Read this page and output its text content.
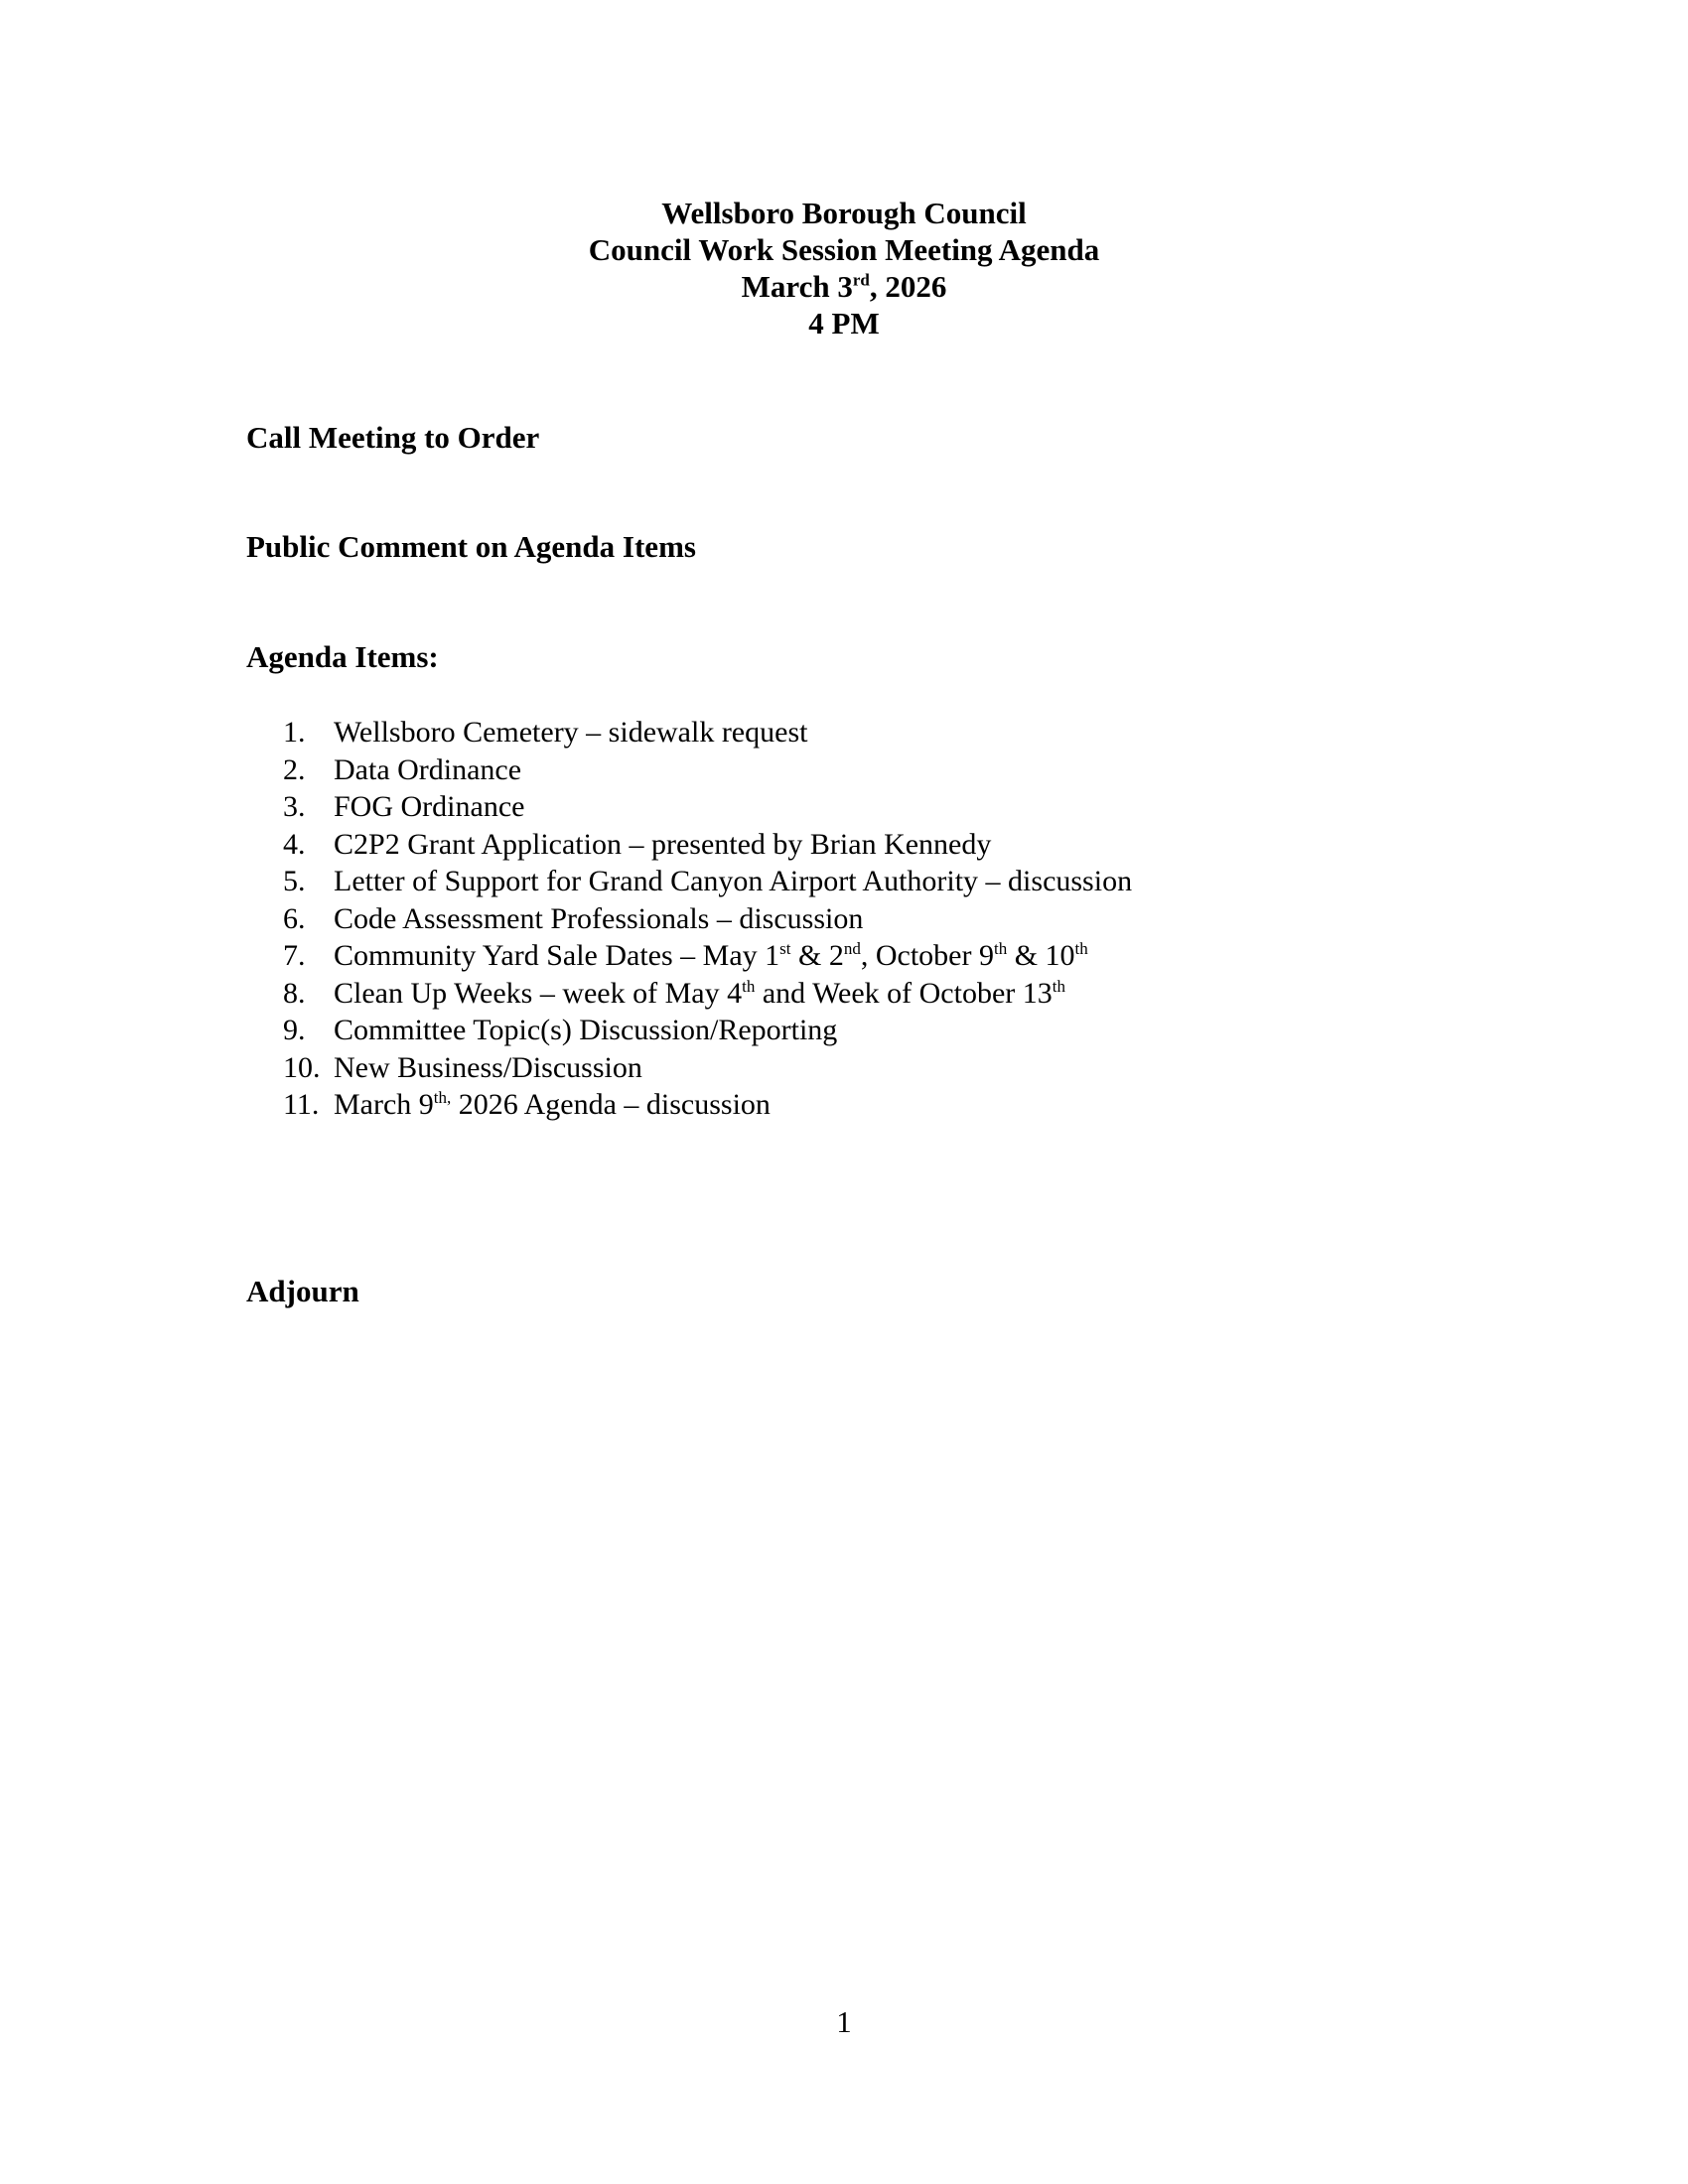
Wellsboro Borough Council
Council Work Session Meeting Agenda
March 3rd, 2026
4 PM
Call Meeting to Order
Public Comment on Agenda Items
Agenda Items:
1. Wellsboro Cemetery – sidewalk request
2. Data Ordinance
3. FOG Ordinance
4. C2P2 Grant Application – presented by Brian Kennedy
5. Letter of Support for Grand Canyon Airport Authority – discussion
6. Code Assessment Professionals – discussion
7. Community Yard Sale Dates – May 1st & 2nd, October 9th & 10th
8. Clean Up Weeks – week of May 4th and Week of October 13th
9. Committee Topic(s) Discussion/Reporting
10. New Business/Discussion
11. March $9^{th,}$ 2026 Agenda – discussion
Adjourn
1
